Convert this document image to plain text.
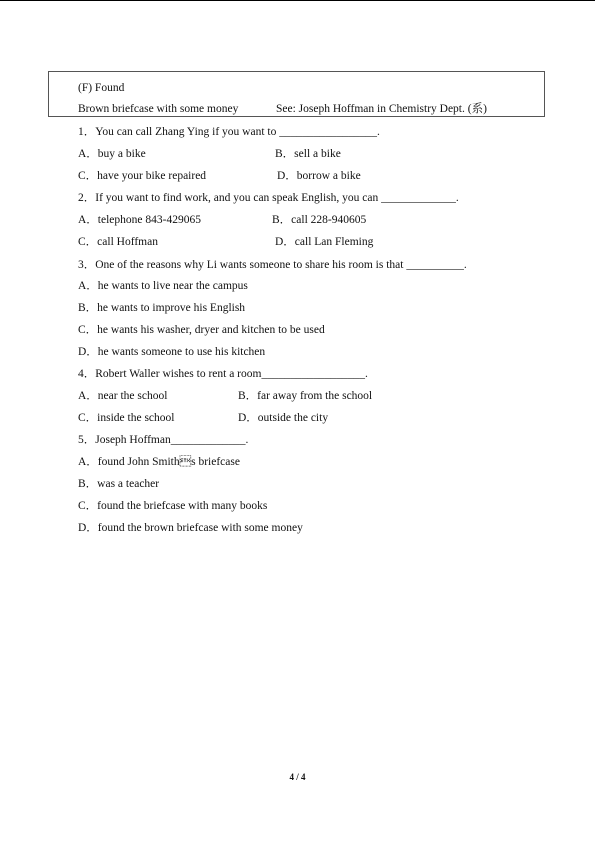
(F) Found
Brown briefcase with some money	See: Joseph Hoffman in Chemistry Dept. (系)
1．You can call Zhang Ying if you want to _________________.
A．buy a bike	B．sell a bike
C．have your bike repaired	D．borrow a bike
2．If you want to find work, and you can speak English, you can _____________.
A．telephone 843-429065	B．call 228-940605
C．call Hoffman	D．call Lan Fleming
3．One of the reasons why Li wants someone to share his room is that __________.
A．he wants to live near the campus
B．he wants to improve his English
C．he wants his washer, dryer and kitchen to be used
D．he wants someone to use his kitchen
4．Robert Waller wishes to rent a room__________________.
A．near the school	B．far away from the school
C．inside the school	D．outside the city
5．Joseph Hoffman_____________.
A．found John Smiths briefcase
B．was a teacher
C．found the briefcase with many books
D．found the brown briefcase with some money
4 / 4
